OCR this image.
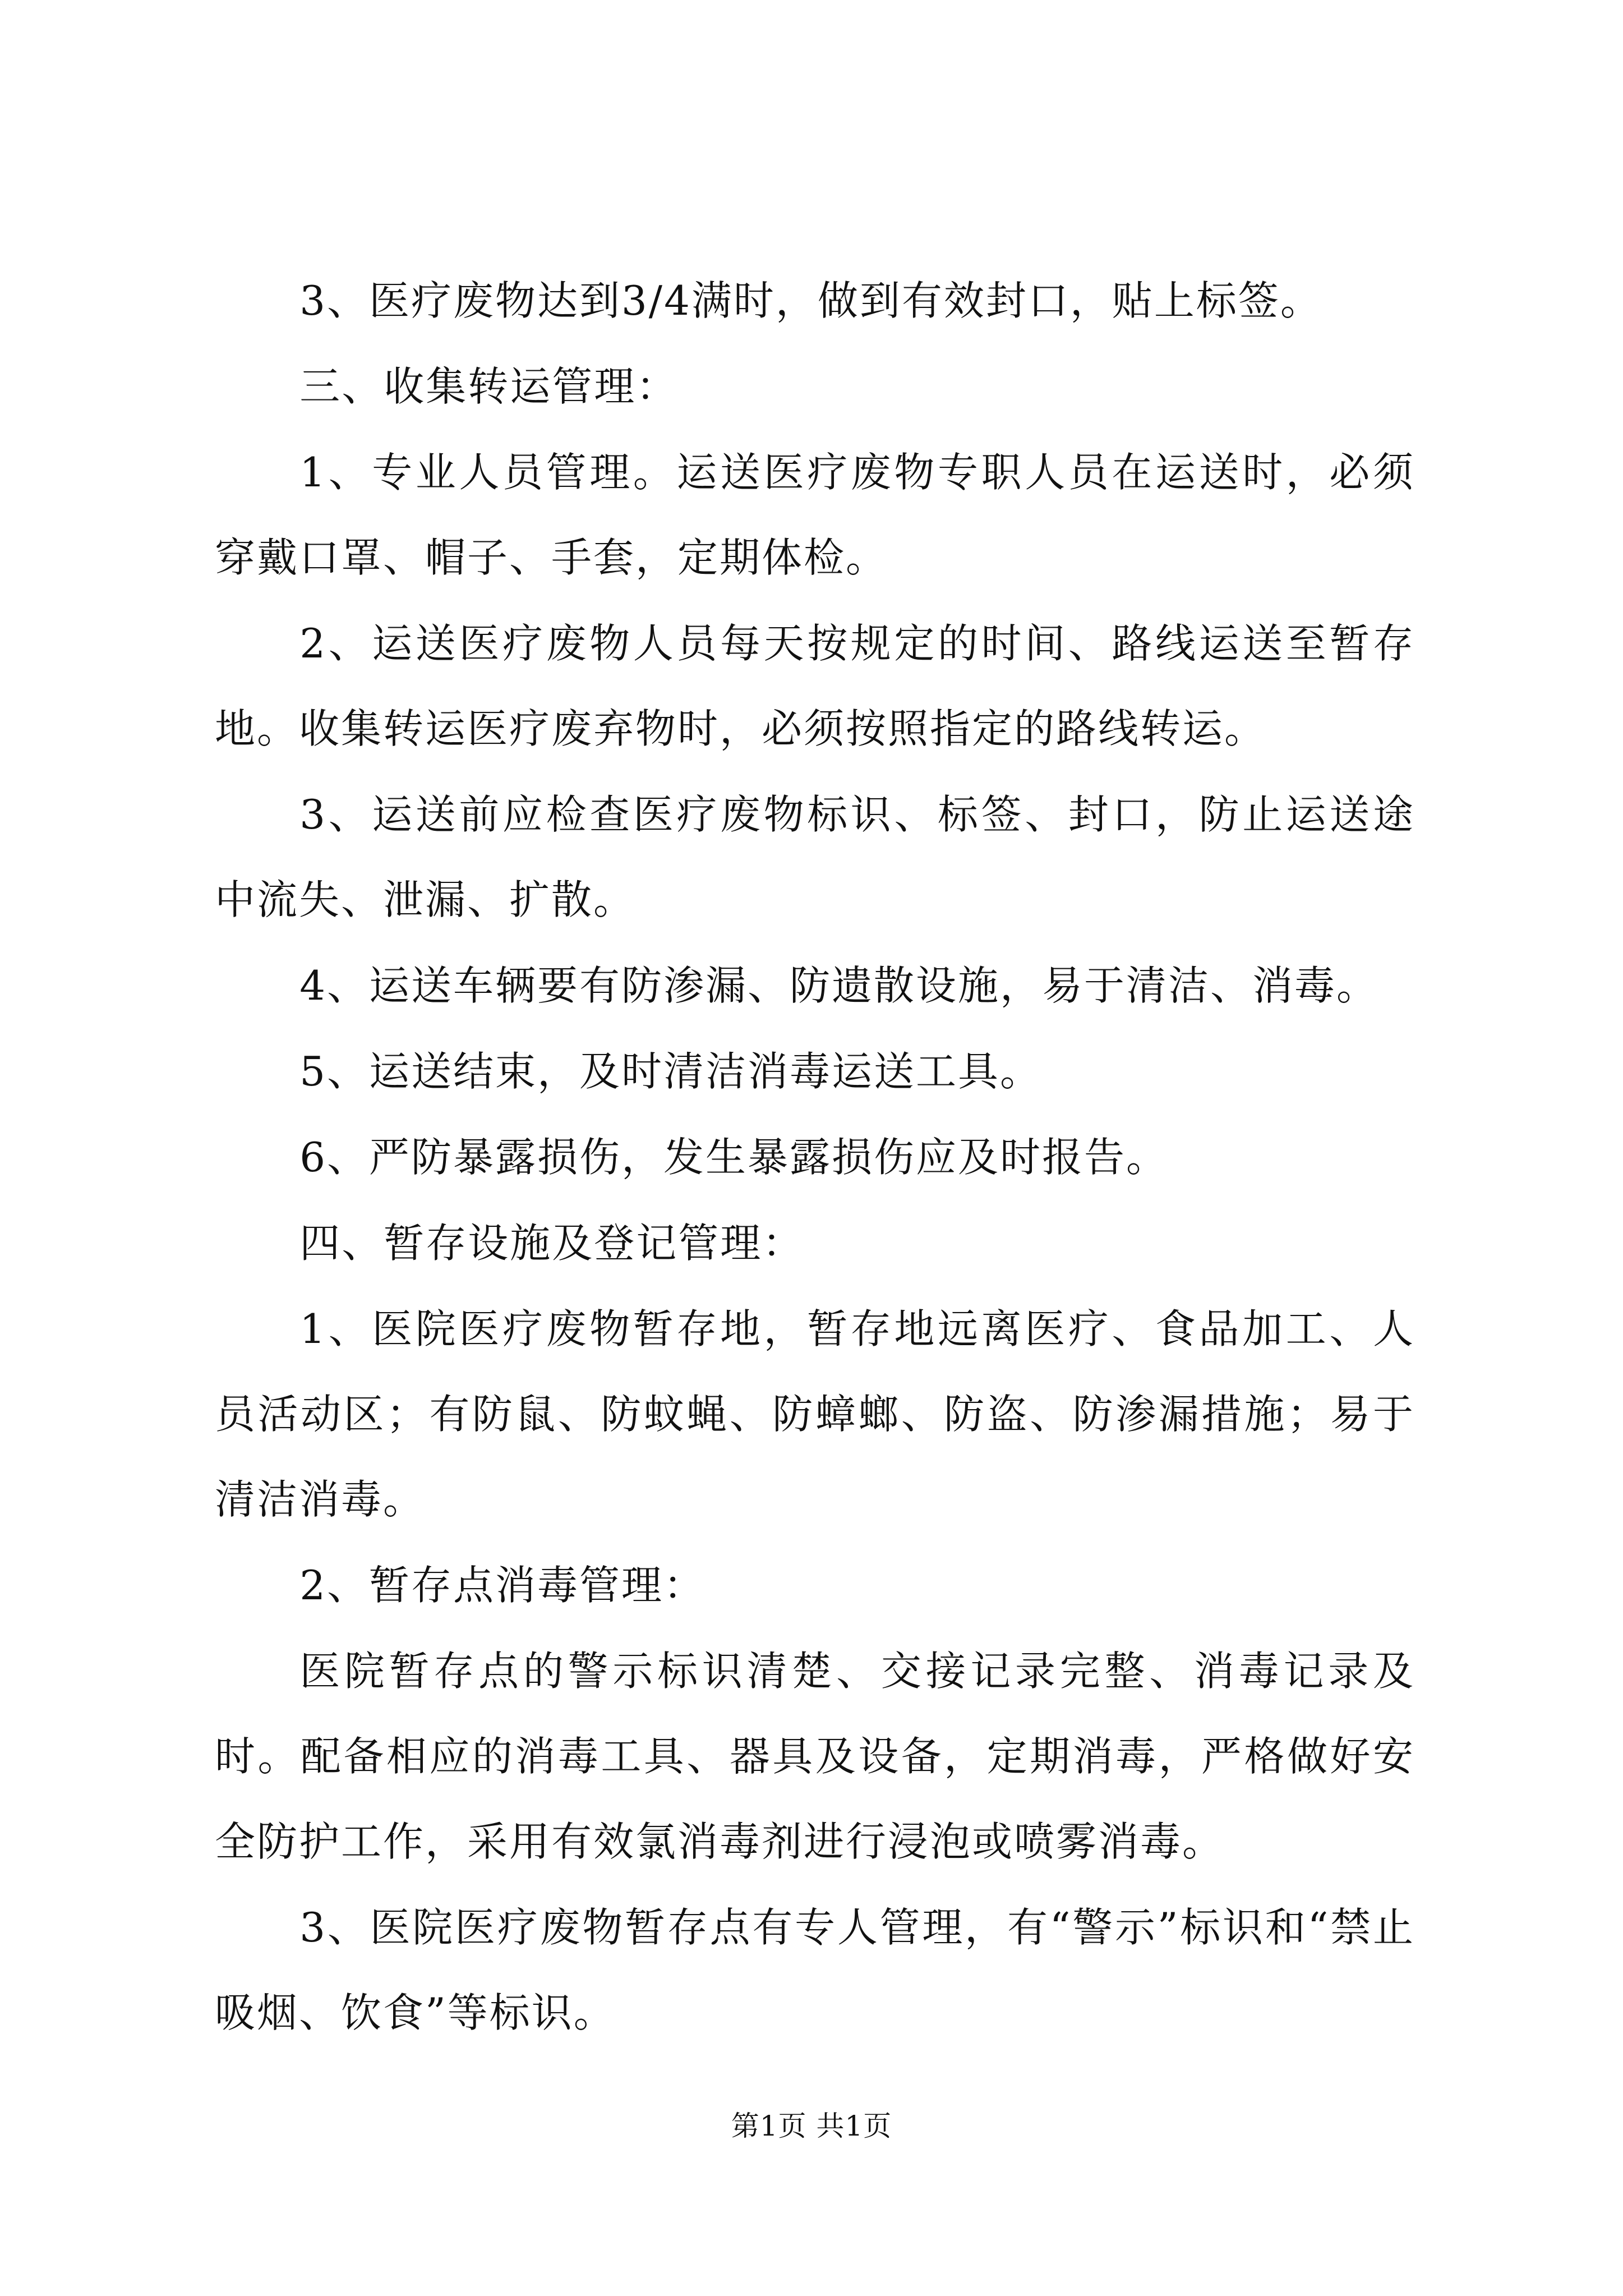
3、医疗废物达到3/4满时，做到有效封口，贴上标签。

三、收集转运管理：

1、专业人员管理。运送医疗废物专职人员在运送时，必须穿戴口罩、帽子、手套，定期体检。

2、运送医疗废物人员每天按规定的时间、路线运送至暂存地。收集转运医疗废弃物时，必须按照指定的路线转运。

3、运送前应检查医疗废物标识、标签、封口，防止运送途中流失、泄漏、扩散。

4、运送车辆要有防渗漏、防遗散设施，易于清洁、消毒。

5、运送结束，及时清洁消毒运送工具。

6、严防暴露损伤，发生暴露损伤应及时报告。

四、暂存设施及登记管理：

1、医院医疗废物暂存地，暂存地远离医疗、食品加工、人员活动区；有防鼠、防蚊蝇、防蟑螂、防盗、防渗漏措施；易于清洁消毒。

2、暂存点消毒管理：

医院暂存点的警示标识清楚、交接记录完整、消毒记录及时。配备相应的消毒工具、器具及设备，定期消毒，严格做好安全防护工作，采用有效氯消毒剂进行浸泡或喷雾消毒。

3、医院医疗废物暂存点有专人管理，有“警示”标识和“禁止吸烟、饮食”等标识。

第1页 共1页
